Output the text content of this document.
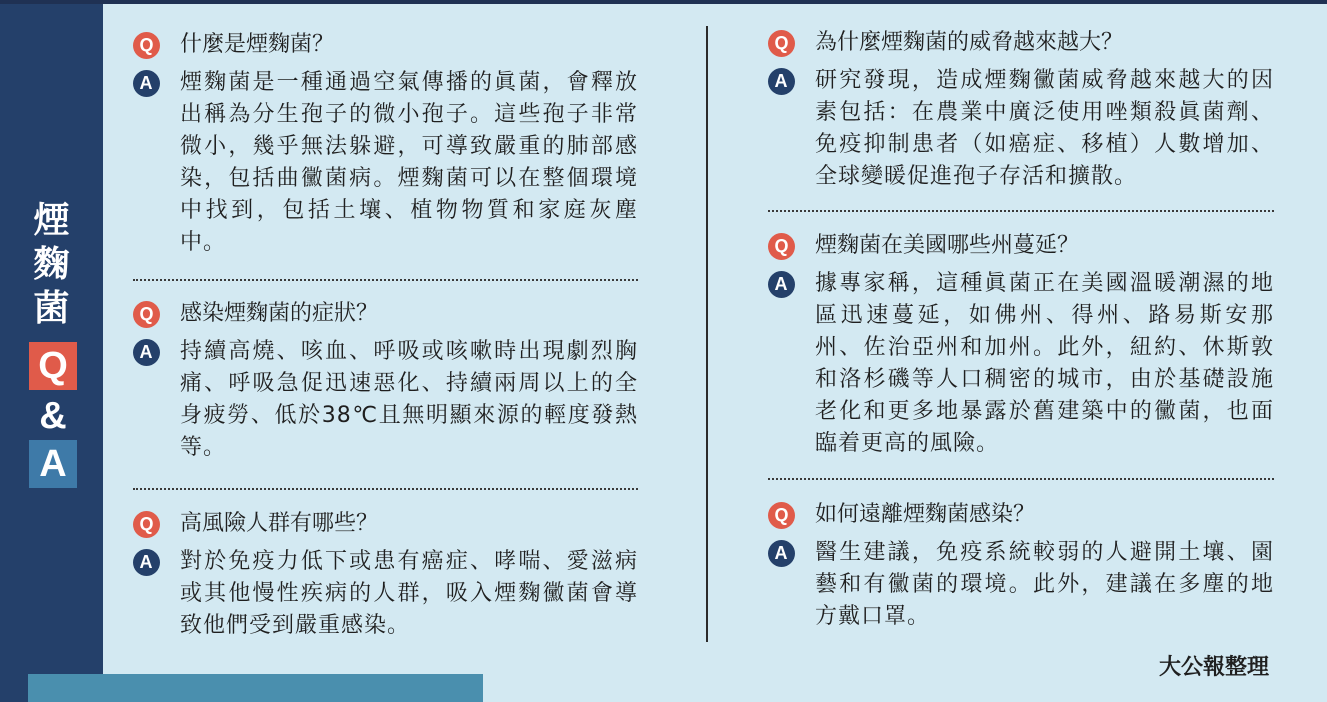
煙
麴
菌
Q
&
A
Q 什麼是煙麴菌？
A 煙麴菌是一種通過空氣傳播的眞菌，會釋放出稱為分生孢子的微小孢子。這些孢子非常微小，幾乎無法躲避，可導致嚴重的肺部感染，包括曲黴菌病。煙麴菌可以在整個環境中找到，包括土壤、植物物質和家庭灰塵中。
Q 感染煙麴菌的症狀？
A 持續高燒、咳血、呼吸或咳嗽時出現劇烈胸痛、呼吸急促迅速惡化、持續兩周以上的全身疲勞、低於38℃且無明顯來源的輕度發熱等。
Q 高風險人群有哪些？
A 對於免疫力低下或患有癌症、哮喘、愛滋病或其他慢性疾病的人群，吸入煙麴黴菌會導致他們受到嚴重感染。
Q 為什麼煙麴菌的威脅越來越大？
A 研究發現，造成煙麴黴菌威脅越來越大的因素包括：在農業中廣泛使用唑類殺眞菌劑、免疫抑制患者（如癌症、移植）人數增加、全球變暖促進孢子存活和擴散。
Q 煙麴菌在美國哪些州蔓延？
A 據專家稱，這種眞菌正在美國溫暖潮濕的地區迅速蔓延，如佛州、得州、路易斯安那州、佐治亞州和加州。此外，紐約、休斯敦和洛杉磯等人口稠密的城市，由於基礎設施老化和更多地暴露於舊建築中的黴菌，也面臨着更高的風險。
Q 如何遠離煙麴菌感染？
A 醫生建議，免疫系統較弱的人避開土壤、園藝和有黴菌的環境。此外，建議在多塵的地方戴口罩。
大公報整理
